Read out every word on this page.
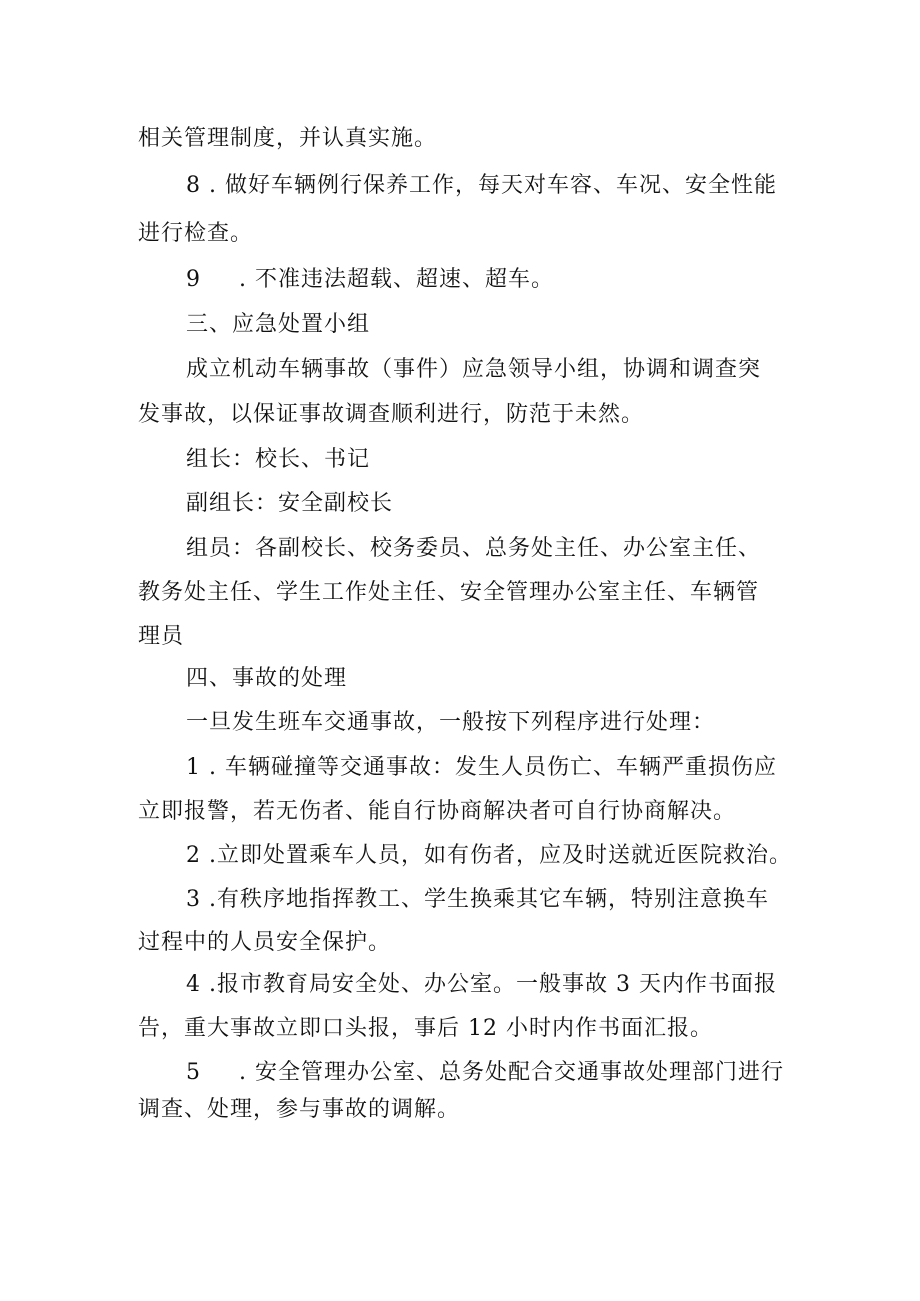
相关管理制度，并认真实施。
8 . 做好车辆例行保养工作，每天对车容、车况、安全性能
进行检查。
9 . 不准违法超载、超速、超车。
三、应急处置小组
成立机动车辆事故（事件）应急领导小组，协调和调查突
发事故，以保证事故调查顺利进行，防范于未然。
组长：校长、书记
副组长：安全副校长
组员：各副校长、校务委员、总务处主任、办公室主任、
教务处主任、学生工作处主任、安全管理办公室主任、车辆管
理员
四、事故的处理
一旦发生班车交通事故，一般按下列程序进行处理：
1 . 车辆碰撞等交通事故：发生人员伤亡、车辆严重损伤应
立即报警，若无伤者、能自行协商解决者可自行协商解决。
2 .立即处置乘车人员，如有伤者，应及时送就近医院救治。
3 .有秩序地指挥教工、学生换乘其它车辆，特别注意换车
过程中的人员安全保护。
4 .报市教育局安全处、办公室。一般事故 3 天内作书面报
告，重大事故立即口头报，事后 12 小时内作书面汇报。
5 . 安全管理办公室、总务处配合交通事故处理部门进行
调查、处理，参与事故的调解。
